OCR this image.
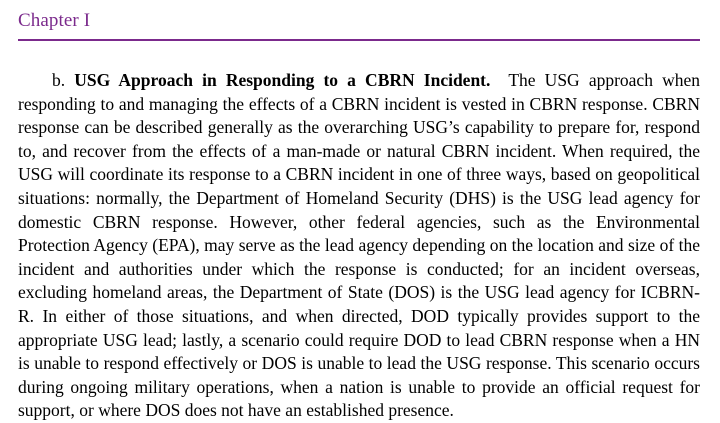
Chapter I

b. USG Approach in Responding to a CBRN Incident. The USG approach when responding to and managing the effects of a CBRN incident is vested in CBRN response. CBRN response can be described generally as the overarching USG’s capability to prepare for, respond to, and recover from the effects of a man-made or natural CBRN incident. When required, the USG will coordinate its response to a CBRN incident in one of three ways, based on geopolitical situations: normally, the Department of Homeland Security (DHS) is the USG lead agency for domestic CBRN response. However, other federal agencies, such as the Environmental Protection Agency (EPA), may serve as the lead agency depending on the location and size of the incident and authorities under which the response is conducted; for an incident overseas, excluding homeland areas, the Department of State (DOS) is the USG lead agency for ICBRN-R. In either of those situations, and when directed, DOD typically provides support to the appropriate USG lead; lastly, a scenario could require DOD to lead CBRN response when a HN is unable to respond effectively or DOS is unable to lead the USG response. This scenario occurs during ongoing military operations, when a nation is unable to provide an official request for support, or where DOS does not have an established presence.
